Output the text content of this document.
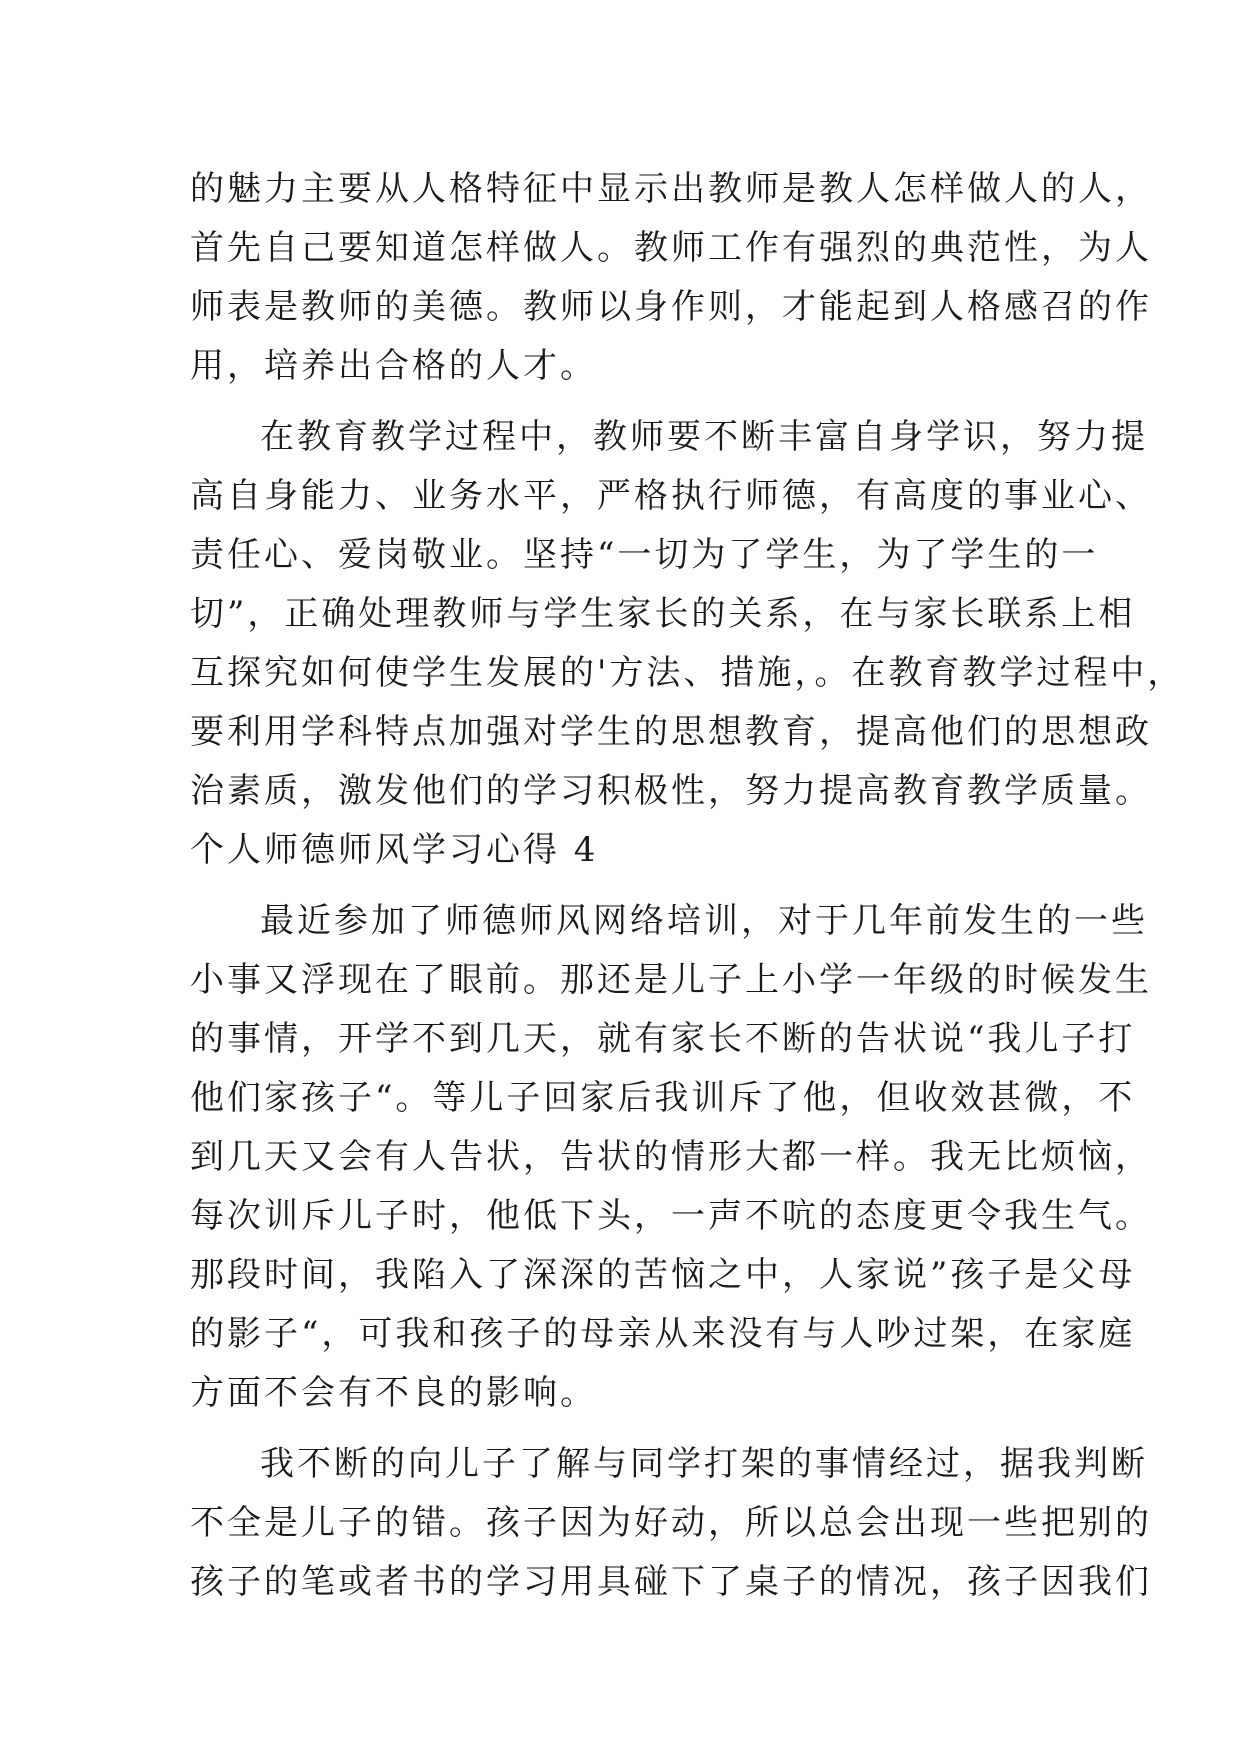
的魅力主要从人格特征中显示出教师是教人怎样做人的人，
首先自己要知道怎样做人。教师工作有强烈的典范性，为人
师表是教师的美德。教师以身作则，才能起到人格感召的作
用，培养出合格的人才。
在教育教学过程中，教师要不断丰富自身学识，努力提
高自身能力、业务水平，严格执行师德，有高度的事业心、
责任心、爱岗敬业。坚持“一切为了学生，为了学生的一
切”，正确处理教师与学生家长的关系，在与家长联系上相
互探究如何使学生发展的'方法、措施，。在教育教学过程中，
要利用学科特点加强对学生的思想教育，提高他们的思想政
治素质，激发他们的学习积极性，努力提高教育教学质量。
个人师德师风学习心得 4
最近参加了师德师风网络培训，对于几年前发生的一些
小事又浮现在了眼前。那还是儿子上小学一年级的时候发生
的事情，开学不到几天，就有家长不断的告状说“我儿子打
他们家孩子“。等儿子回家后我训斥了他，但收效甚微，不
到几天又会有人告状，告状的情形大都一样。我无比烦恼，
每次训斥儿子时，他低下头，一声不吭的态度更令我生气。
那段时间，我陷入了深深的苦恼之中，人家说”孩子是父母
的影子“，可我和孩子的母亲从来没有与人吵过架，在家庭
方面不会有不良的影响。
我不断的向儿子了解与同学打架的事情经过，据我判断
不全是儿子的错。孩子因为好动，所以总会出现一些把别的
孩子的笔或者书的学习用具碰下了桌子的情况，孩子因我们
